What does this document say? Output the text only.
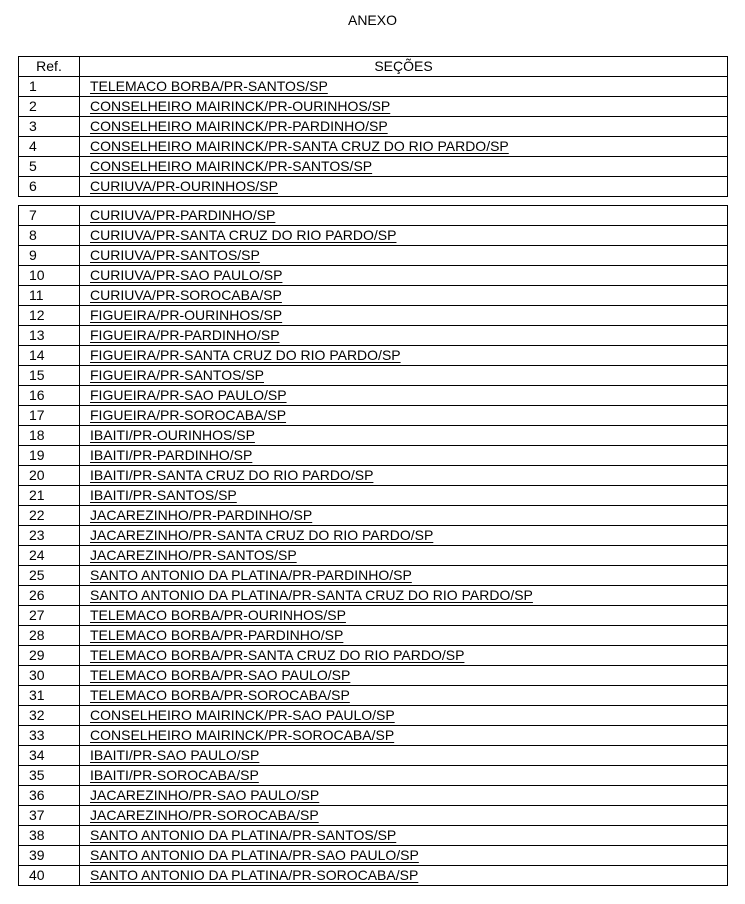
ANEXO
Ref.	SEÇÕES
1	TELEMACO BORBA/PR-SANTOS/SP
2	CONSELHEIRO MAIRINCK/PR-OURINHOS/SP
3	CONSELHEIRO MAIRINCK/PR-PARDINHO/SP
4	CONSELHEIRO MAIRINCK/PR-SANTA CRUZ DO RIO PARDO/SP
5	CONSELHEIRO MAIRINCK/PR-SANTOS/SP
6	CURIUVA/PR-OURINHOS/SP
7	CURIUVA/PR-PARDINHO/SP
8	CURIUVA/PR-SANTA CRUZ DO RIO PARDO/SP
9	CURIUVA/PR-SANTOS/SP
10	CURIUVA/PR-SAO PAULO/SP
11	CURIUVA/PR-SOROCABA/SP
12	FIGUEIRA/PR-OURINHOS/SP
13	FIGUEIRA/PR-PARDINHO/SP
14	FIGUEIRA/PR-SANTA CRUZ DO RIO PARDO/SP
15	FIGUEIRA/PR-SANTOS/SP
16	FIGUEIRA/PR-SAO PAULO/SP
17	FIGUEIRA/PR-SOROCABA/SP
18	IBAITI/PR-OURINHOS/SP
19	IBAITI/PR-PARDINHO/SP
20	IBAITI/PR-SANTA CRUZ DO RIO PARDO/SP
21	IBAITI/PR-SANTOS/SP
22	JACAREZINHO/PR-PARDINHO/SP
23	JACAREZINHO/PR-SANTA CRUZ DO RIO PARDO/SP
24	JACAREZINHO/PR-SANTOS/SP
25	SANTO ANTONIO DA PLATINA/PR-PARDINHO/SP
26	SANTO ANTONIO DA PLATINA/PR-SANTA CRUZ DO RIO PARDO/SP
27	TELEMACO BORBA/PR-OURINHOS/SP
28	TELEMACO BORBA/PR-PARDINHO/SP
29	TELEMACO BORBA/PR-SANTA CRUZ DO RIO PARDO/SP
30	TELEMACO BORBA/PR-SAO PAULO/SP
31	TELEMACO BORBA/PR-SOROCABA/SP
32	CONSELHEIRO MAIRINCK/PR-SAO PAULO/SP
33	CONSELHEIRO MAIRINCK/PR-SOROCABA/SP
34	IBAITI/PR-SAO PAULO/SP
35	IBAITI/PR-SOROCABA/SP
36	JACAREZINHO/PR-SAO PAULO/SP
37	JACAREZINHO/PR-SOROCABA/SP
38	SANTO ANTONIO DA PLATINA/PR-SANTOS/SP
39	SANTO ANTONIO DA PLATINA/PR-SAO PAULO/SP
40	SANTO ANTONIO DA PLATINA/PR-SOROCABA/SP
